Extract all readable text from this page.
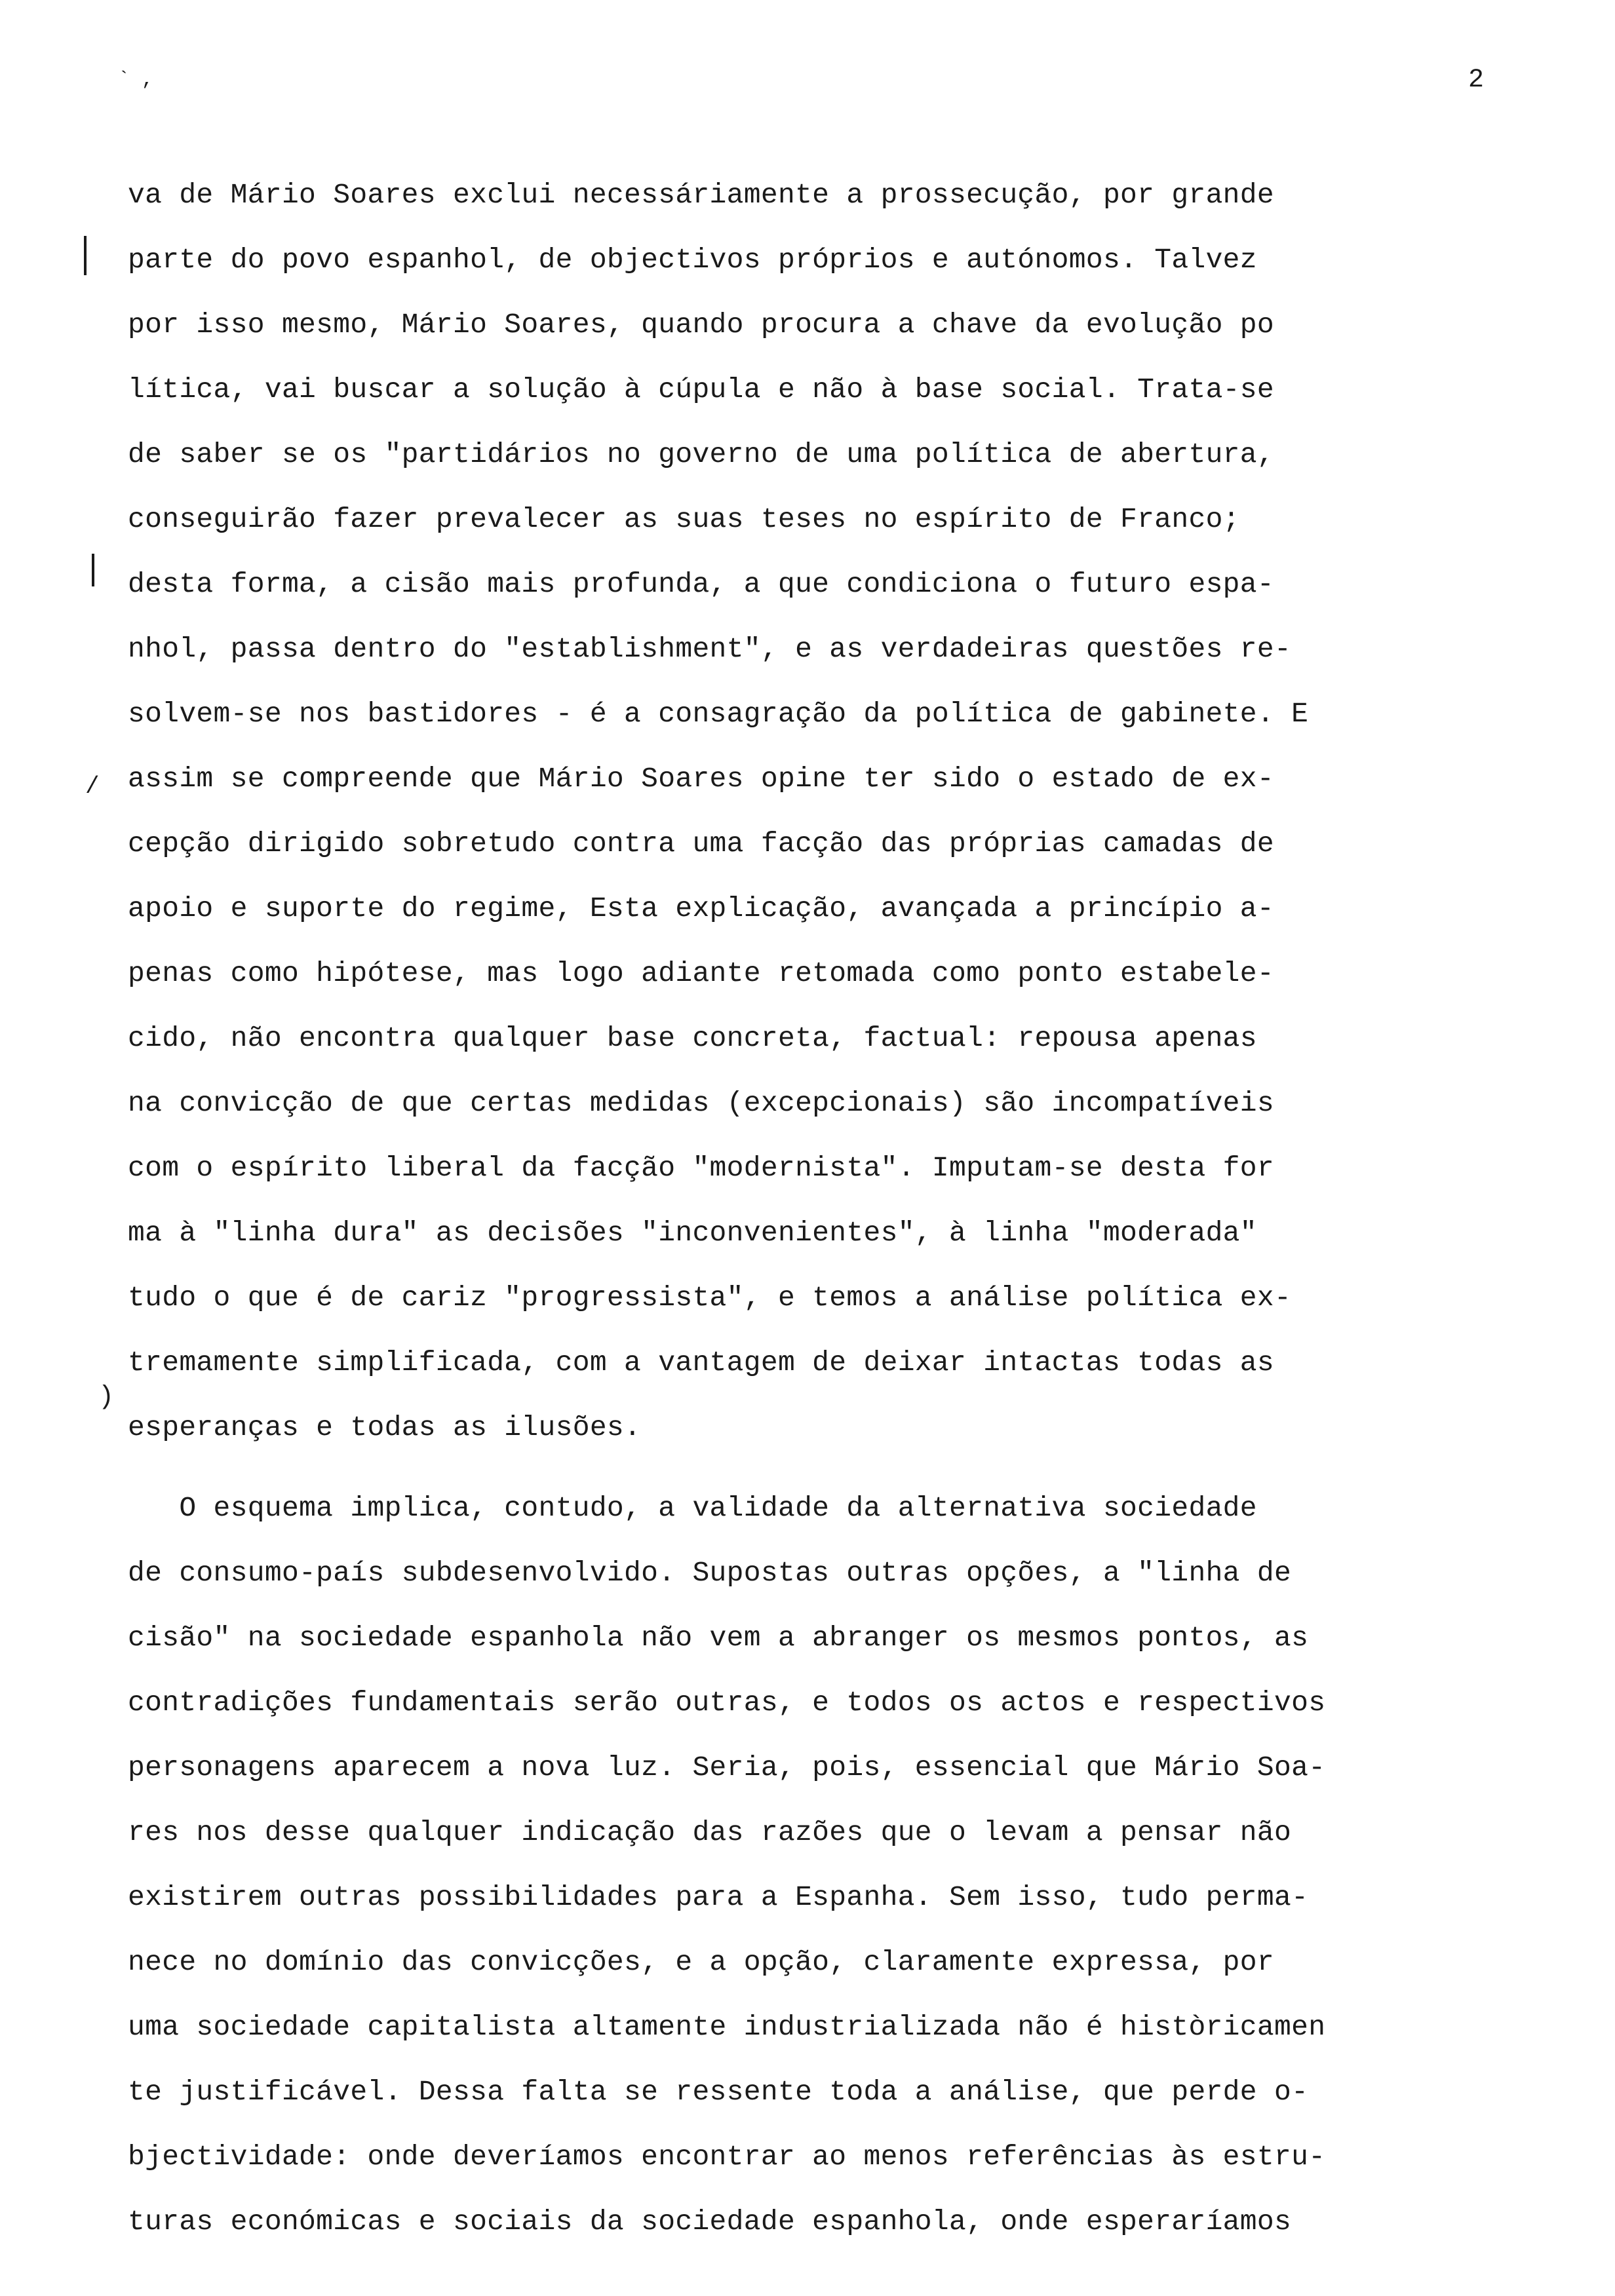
` ,	2
/
)
va de Mário Soares exclui necessáriamente a prossecução, por grande
parte do povo espanhol, de objectivos próprios e autónomos. Talvez
por isso mesmo, Mário Soares, quando procura a chave da evolução po
lítica, vai buscar a solução à cúpula e não à base social. Trata-se
de saber se os "partidários no governo de uma política de abertura,
conseguirão fazer prevalecer as suas teses no espírito de Franco;
desta forma, a cisão mais profunda, a que condiciona o futuro espa-
nhol, passa dentro do "establishment", e as verdadeiras questões re-
solvem-se nos bastidores - é a consagração da política de gabinete. E
assim se compreende que Mário Soares opine ter sido o estado de ex-
cepção dirigido sobretudo contra uma facção das próprias camadas de
apoio e suporte do regime, Esta explicação, avançada a princípio a-
penas como hipótese, mas logo adiante retomada como ponto estabele-
cido, não encontra qualquer base concreta, factual: repousa apenas
na convicção de que certas medidas (excepcionais) são incompatíveis
com o espírito liberal da facção "modernista". Imputam-se desta for
ma à "linha dura" as decisões "inconvenientes", à linha "moderada"
tudo o que é de cariz "progressista", e temos a análise política ex-
tremamente simplificada, com a vantagem de deixar intactas todas as
esperanças e todas as ilusões.
O esquema implica, contudo, a validade da alternativa sociedade
de consumo-país subdesenvolvido. Supostas outras opções, a "linha de
cisão" na sociedade espanhola não vem a abranger os mesmos pontos, as
contradições fundamentais serão outras, e todos os actos e respectivos
personagens aparecem a nova luz. Seria, pois, essencial que Mário Soa-
res nos desse qualquer indicação das razões que o levam a pensar não
existirem outras possibilidades para a Espanha. Sem isso, tudo perma-
nece no domínio das convicções, e a opção, claramente expressa, por
uma sociedade capitalista altamente industrializada não é històricamen
te justificável. Dessa falta se ressente toda a análise, que perde o-
bjectividade: onde deveríamos encontrar ao menos referências às estru-
turas económicas e sociais da sociedade espanhola, onde esperaríamos
